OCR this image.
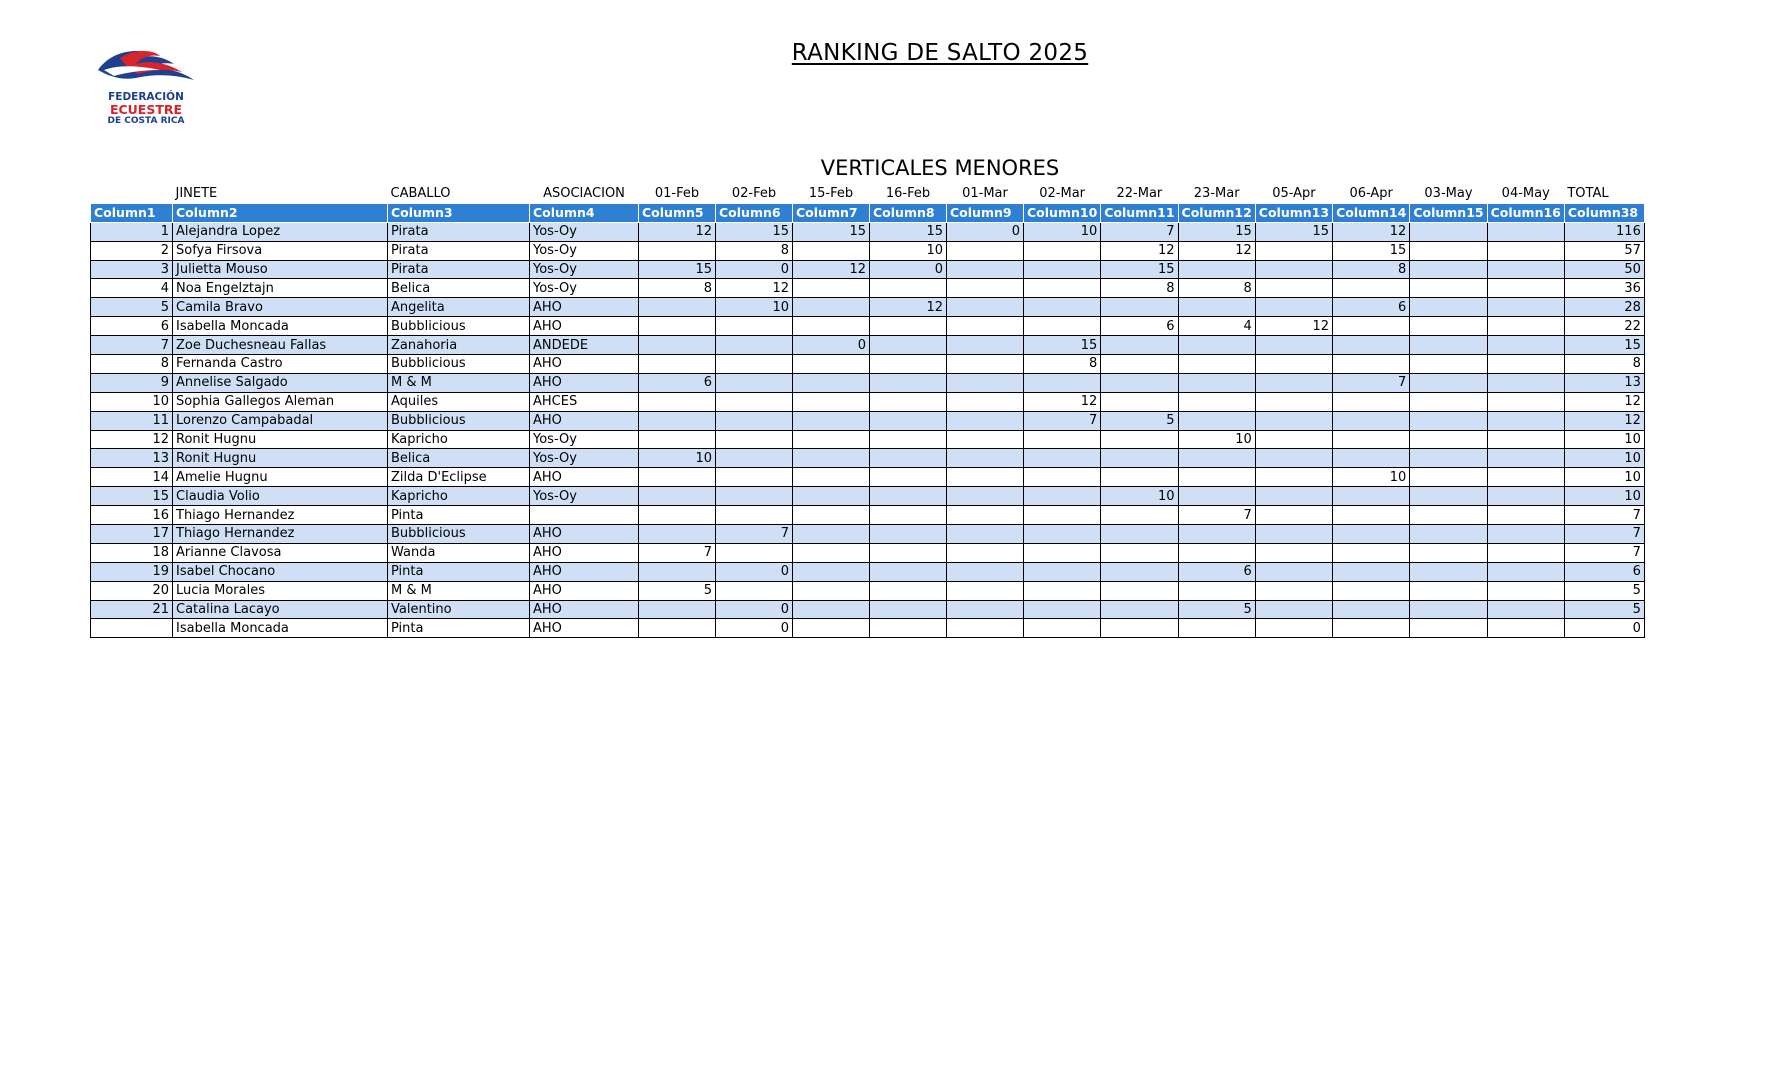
FEDERACIÓN
ECUESTRE
DE COSTA RICA
RANKING DE SALTO 2025
VERTICALES MENORES
	JINETE	CABALLO	ASOCIACION	01-Feb	02-Feb	15-Feb	16-Feb	01-Mar	02-Mar	22-Mar	23-Mar	05-Apr	06-Apr	03-May	04-May	TOTAL
Column1	Column2	Column3	Column4	Column5	Column6	Column7	Column8	Column9	Column10	Column11	Column12	Column13	Column14	Column15	Column16	Column38
1	Alejandra Lopez	Pirata	Yos-Oy	12	15	15	15	0	10	7	15	15	12			116
2	Sofya Firsova	Pirata	Yos-Oy		8		10			12	12		15			57
3	Julietta Mouso	Pirata	Yos-Oy	15	0	12	0			15			8			50
4	Noa Engelztajn	Belica	Yos-Oy	8	12					8	8					36
5	Camila Bravo	Angelita	AHO		10		12						6			28
6	Isabella Moncada	Bubblicious	AHO							6	4	12				22
7	Zoe Duchesneau Fallas	Zanahoria	ANDEDE			0			15							15
8	Fernanda Castro	Bubblicious	AHO						8							8
9	Annelise Salgado	M & M	AHO	6									7			13
10	Sophia Gallegos Aleman	Aquiles	AHCES						12							12
11	Lorenzo Campabadal	Bubblicious	AHO						7	5						12
12	Ronit Hugnu	Kapricho	Yos-Oy								10					10
13	Ronit Hugnu	Belica	Yos-Oy	10												10
14	Amelie Hugnu	Zilda D'Eclipse	AHO										10			10
15	Claudia Volio	Kapricho	Yos-Oy							10						10
16	Thiago Hernandez	Pinta									7					7
17	Thiago Hernandez	Bubblicious	AHO		7											7
18	Arianne Clavosa	Wanda	AHO	7												7
19	Isabel Chocano	Pinta	AHO		0						6					6
20	Lucia Morales	M & M	AHO	5												5
21	Catalina Lacayo	Valentino	AHO		0						5					5
	Isabella Moncada	Pinta	AHO		0											0
